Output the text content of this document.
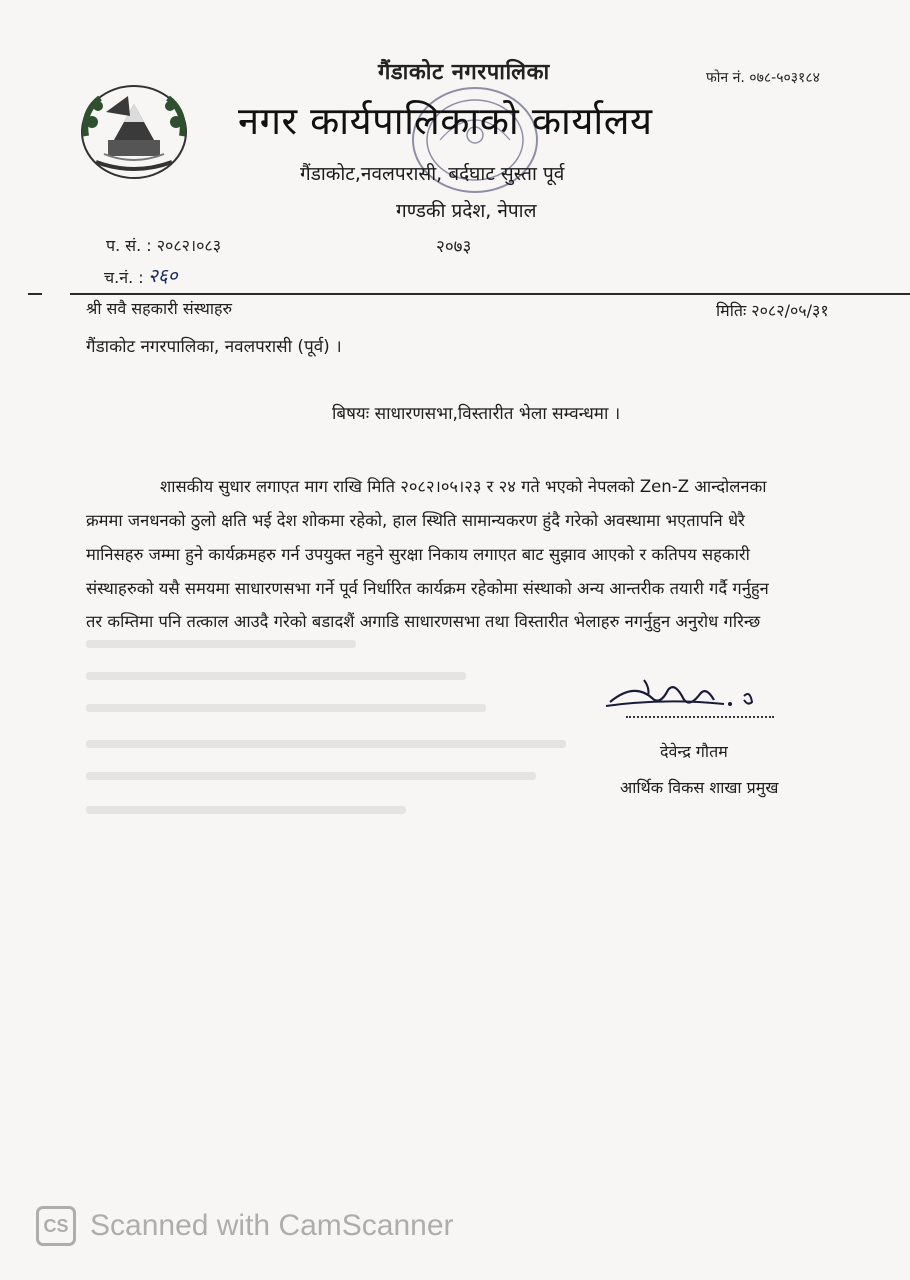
गैंडाकोट नगरपालिका	फोन नं. ०७८-५०३१८४
नगर कार्यपालिकाको कार्यालय
गैंडाकोट,नवलपरासी, बर्दघाट सुस्ता पूर्व
गण्डकी प्रदेश, नेपाल
प. सं. : २०८२।०८३	२०७३
च.नं. : २६०
श्री सवै सहकारी संस्थाहरु	मितिः २०८२/०५/३१
गैंडाकोट नगरपालिका, नवलपरासी (पूर्व) ।
बिषयः साधारणसभा,विस्तारीत भेला सम्वन्धमा ।
शासकीय सुधार लगाएत माग राखि मिति २०८२।०५।२३ र २४ गते भएको नेपलको Zen-Z आन्दोलनका
क्रममा जनधनको ठुलो क्षति भई देश शोकमा रहेको, हाल स्थिति सामान्यकरण हुंदै गरेको अवस्थामा भएतापनि धेरै
मानिसहरु जम्मा हुने कार्यक्रमहरु गर्न उपयुक्त नहुने सुरक्षा निकाय लगाएत बाट सुझाव आएको र कतिपय सहकारी
संस्थाहरुको यसै समयमा साधारणसभा गर्ने पूर्व निर्धारित कार्यक्रम रहेकोमा संस्थाको अन्य आन्तरीक तयारी गर्दै गर्नुहुन
तर कम्तिमा पनि तत्काल आउदै गरेको बडादशैं अगाडि साधारणसभा तथा विस्तारीत भेलाहरु नगर्नुहुन अनुरोध गरिन्छ
देवेन्द्र गौतम
आर्थिक विकस शाखा प्रमुख
CS Scanned with CamScanner
